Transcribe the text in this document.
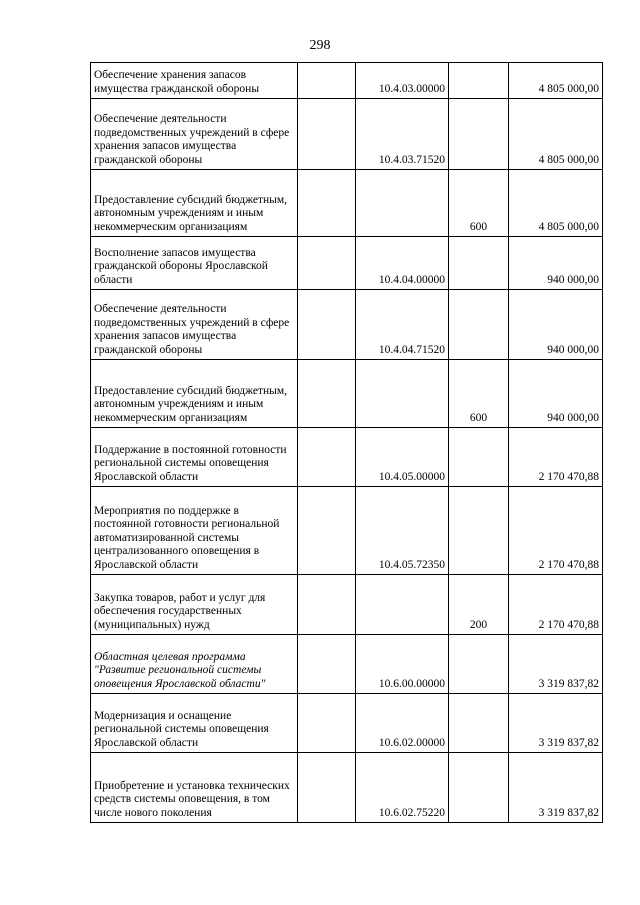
298
Обеспечение хранения запасов имущества гражданской обороны		10.4.03.00000		4 805 000,00
Обеспечение деятельности подведомственных учреждений в сфере хранения запасов имущества гражданской обороны		10.4.03.71520		4 805 000,00
Предоставление субсидий бюджетным, автономным учреждениям и иным некоммерческим организациям			600	4 805 000,00
Восполнение запасов имущества гражданской обороны Ярославской области		10.4.04.00000		940 000,00
Обеспечение деятельности подведомственных учреждений в сфере хранения запасов имущества гражданской обороны		10.4.04.71520		940 000,00
Предоставление субсидий бюджетным, автономным учреждениям и иным некоммерческим организациям			600	940 000,00
Поддержание в постоянной готовности региональной системы оповещения Ярославской области		10.4.05.00000		2 170 470,88
Мероприятия по поддержке в постоянной готовности региональной автоматизированной системы централизованного оповещения в Ярославской области		10.4.05.72350		2 170 470,88
Закупка товаров, работ и услуг для обеспечения государственных (муниципальных) нужд			200	2 170 470,88
Областная целевая программа "Развитие региональной системы оповещения Ярославской области"		10.6.00.00000		3 319 837,82
Модернизация и оснащение региональной системы оповещения Ярославской области		10.6.02.00000		3 319 837,82
Приобретение и установка технических средств системы оповещения, в том числе нового поколения		10.6.02.75220		3 319 837,82
